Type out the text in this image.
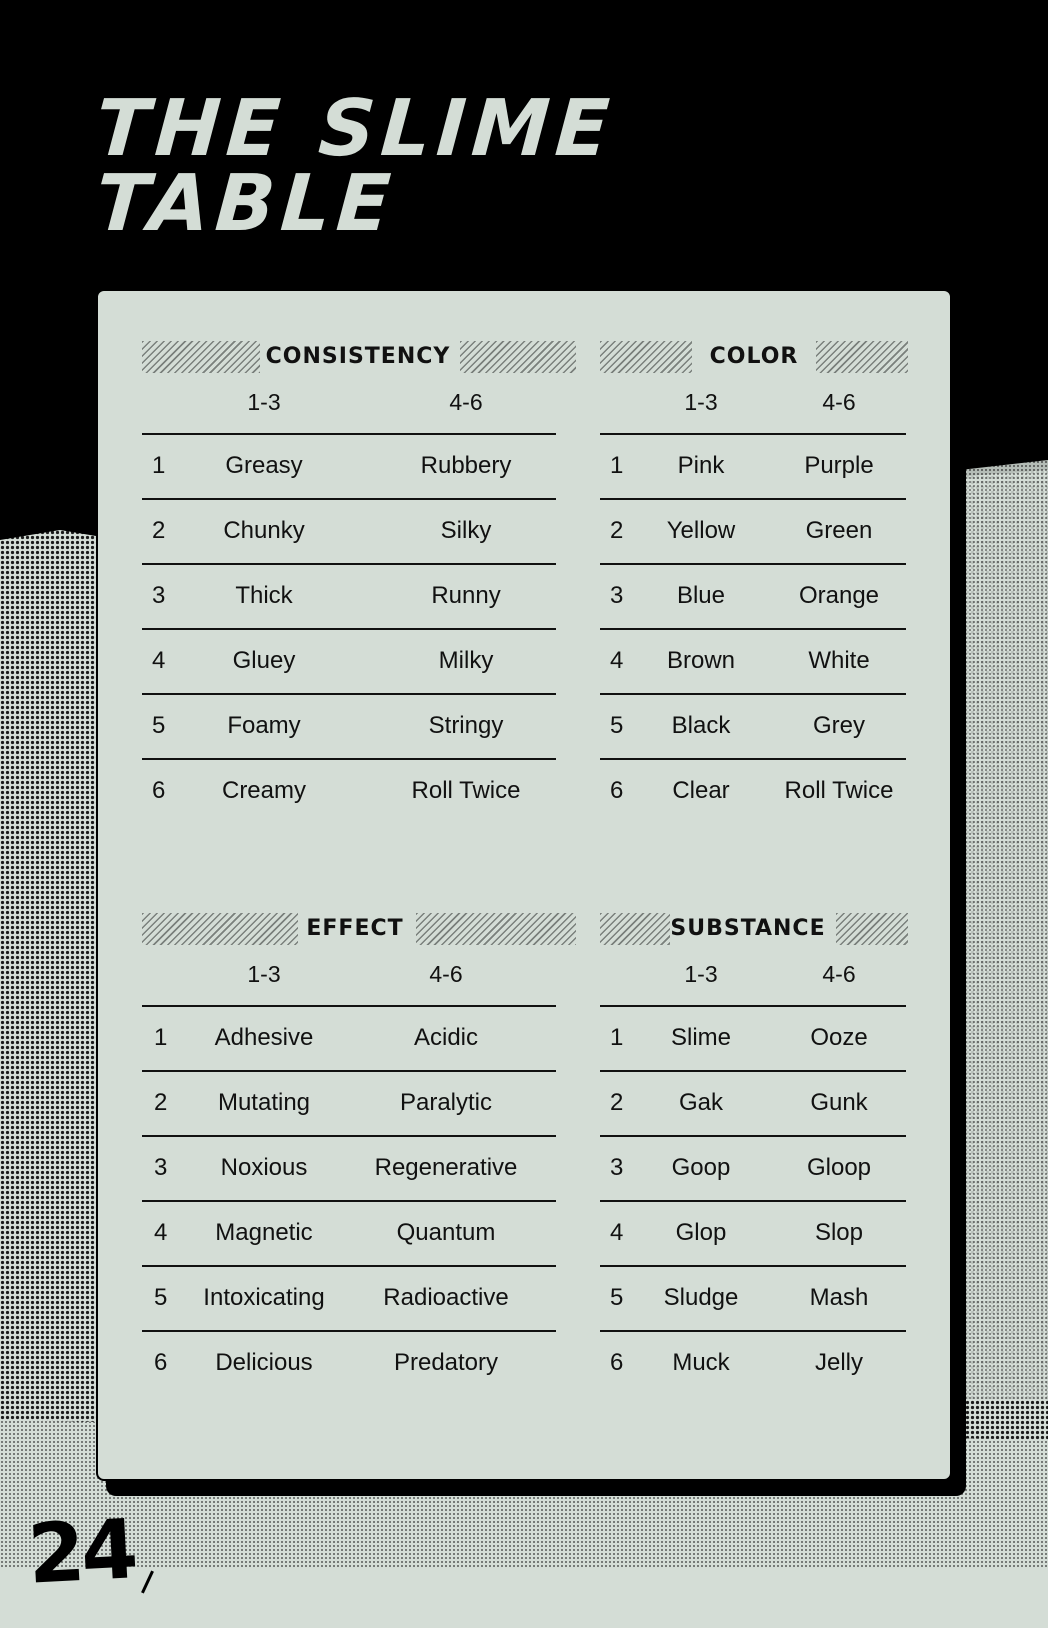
THE SLIME
TABLE
CONSISTENCY
1-3	4-6
1	Greasy	Rubbery
2	Chunky	Silky
3	Thick	Runny
4	Gluey	Milky
5	Foamy	Stringy
6	Creamy	Roll Twice
COLOR
1-3	4-6
1	Pink	Purple
2	Yellow	Green
3	Blue	Orange
4	Brown	White
5	Black	Grey
6	Clear	Roll Twice
EFFECT
1-3	4-6
1	Adhesive	Acidic
2	Mutating	Paralytic
3	Noxious	Regenerative
4	Magnetic	Quantum
5	Intoxicating	Radioactive
6	Delicious	Predatory
SUBSTANCE
1-3	4-6
1	Slime	Ooze
2	Gak	Gunk
3	Goop	Gloop
4	Glop	Slop
5	Sludge	Mash
6	Muck	Jelly
24
